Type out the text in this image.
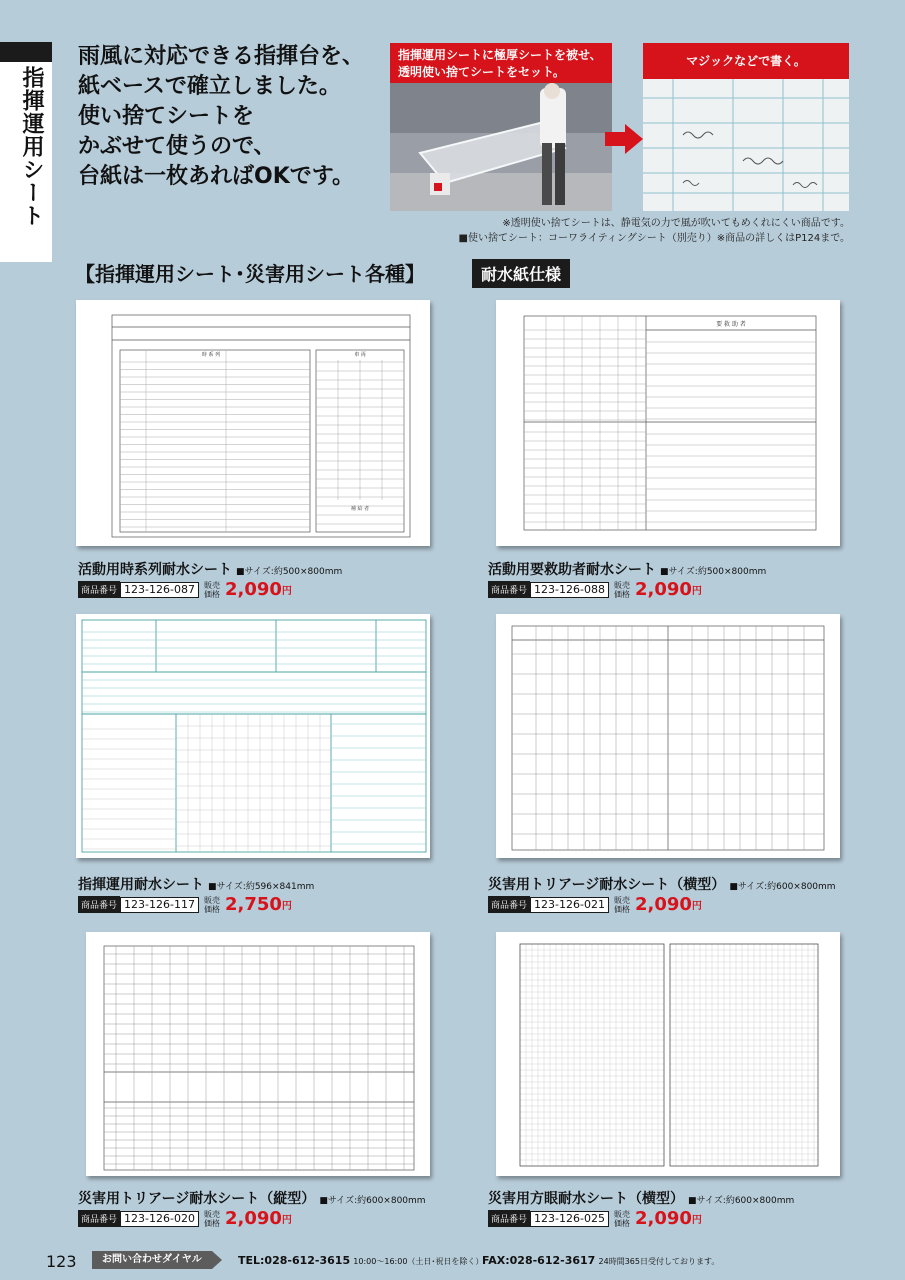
指揮運用シート
雨風に対応できる指揮台を、
紙ベースで確立しました。
使い捨てシートを
かぶせて使うので、
台紙は一枚あればOKです。
指揮運用シートに極厚シートを被せ、
透明使い捨てシートをセット。
マジックなどで書く。
※透明使い捨てシートは、静電気の力で風が吹いてもめくれにくい商品です。
■使い捨てシート：コーワライティングシート（別売り）※商品の詳しくはP124まで。
【指揮運用シート･災害用シート各種】	耐水紙仕様
時 系 列	車 両
補 給 者
活動用時系列耐水シート ■サイズ:約500×800mm
商品番号 123-126-087	販売
価格 2,090 円
要 救 助 者
活動用要救助者耐水シート ■サイズ:約500×800mm
商品番号 123-126-088	販売
価格 2,090 円
指揮運用耐水シート ■サイズ:約596×841mm
商品番号 123-126-117	販売
価格 2,750 円
災害用トリアージ耐水シート（横型） ■サイズ:約600×800mm
商品番号 123-126-021	販売
価格 2,090 円
災害用トリアージ耐水シート（縦型） ■サイズ:約600×800mm
商品番号 123-126-020	販売
価格 2,090 円
災害用方眼耐水シート（横型） ■サイズ:約600×800mm
商品番号 123-126-025	販売
価格 2,090 円
123	お問い合わせダイヤル	TEL:028-612-3615 10:00〜16:00（土日･祝日を除く）
FAX:028-612-3617 24時間365日受付しております。
